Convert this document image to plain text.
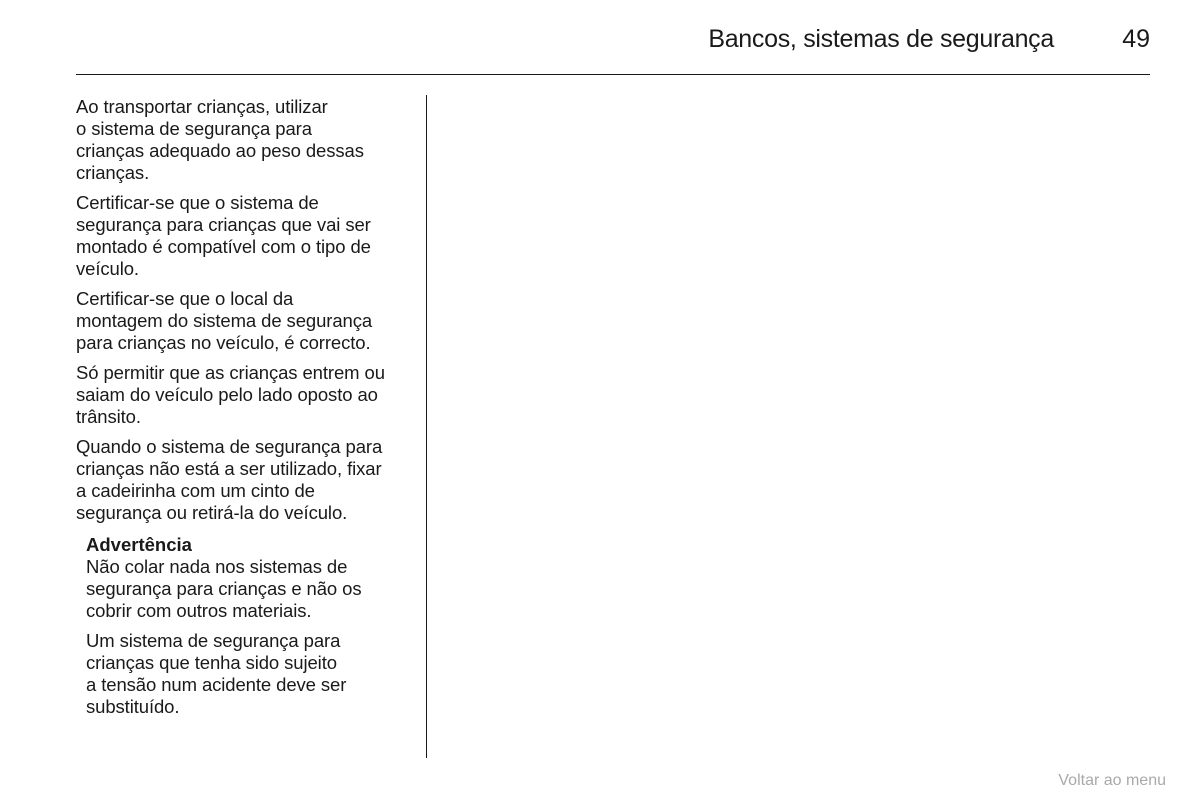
Bancos, sistemas de segurança	49

Ao transportar crianças, utilizar
o sistema de segurança para
crianças adequado ao peso dessas
crianças.

Certificar-se que o sistema de
segurança para crianças que vai ser
montado é compatível com o tipo de
veículo.

Certificar-se que o local da
montagem do sistema de segurança
para crianças no veículo, é correcto.

Só permitir que as crianças entrem ou
saiam do veículo pelo lado oposto ao
trânsito.

Quando o sistema de segurança para
crianças não está a ser utilizado, fixar
a cadeirinha com um cinto de
segurança ou retirá-la do veículo.

Advertência

Não colar nada nos sistemas de
segurança para crianças e não os
cobrir com outros materiais.

Um sistema de segurança para
crianças que tenha sido sujeito
a tensão num acidente deve ser
substituído.

Voltar ao menu
